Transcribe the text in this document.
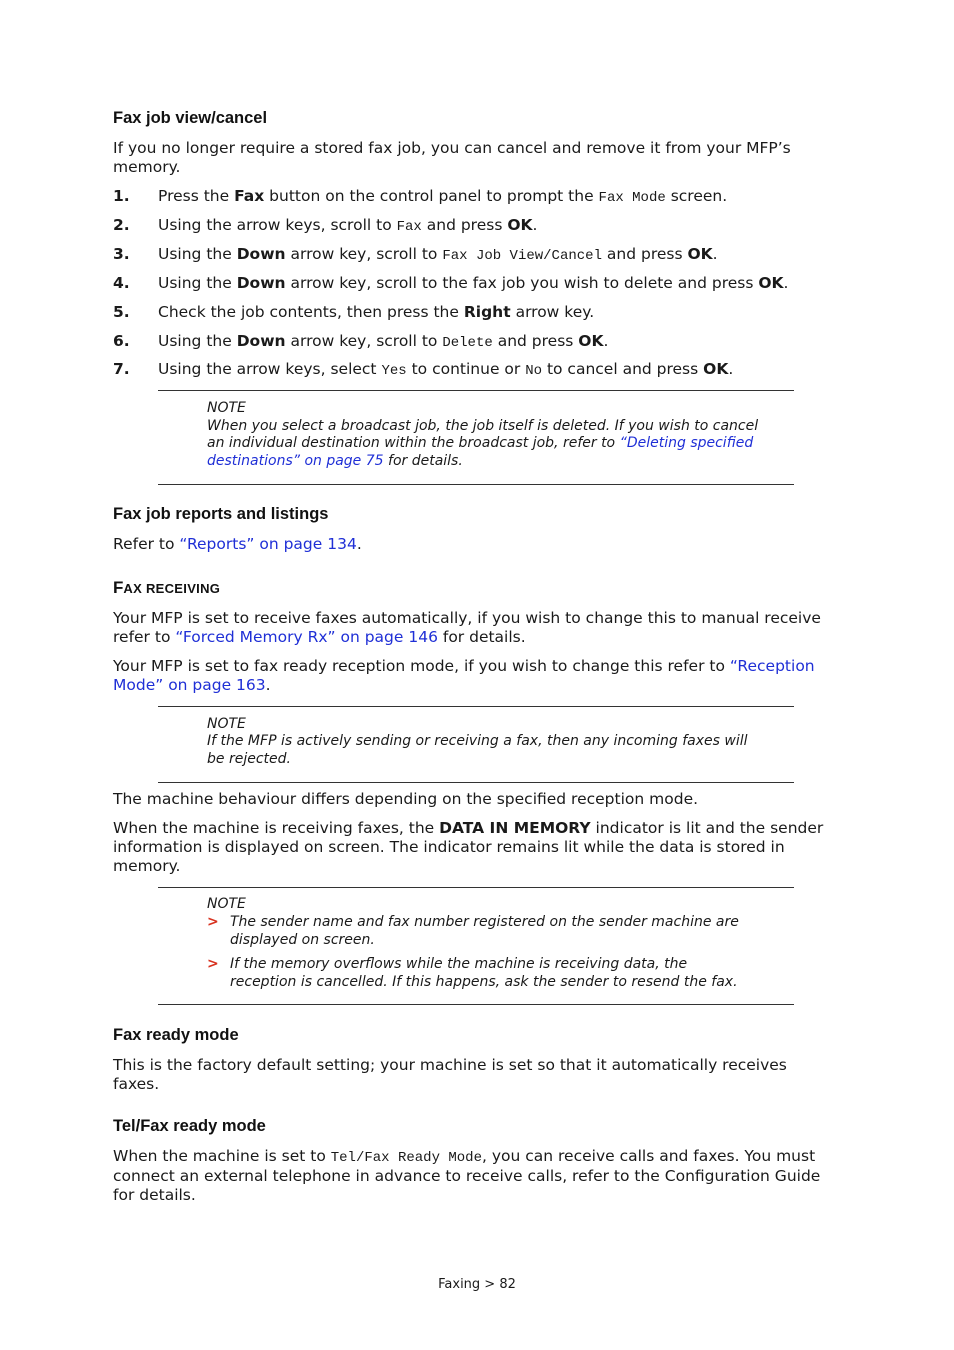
Fax job view/cancel
If you no longer require a stored fax job, you can cancel and remove it from your MFP’s memory.
1. Press the Fax button on the control panel to prompt the Fax Mode screen.
2. Using the arrow keys, scroll to Fax and press OK.
3. Using the Down arrow key, scroll to Fax Job View/Cancel and press OK.
4. Using the Down arrow key, scroll to the fax job you wish to delete and press OK.
5. Check the job contents, then press the Right arrow key.
6. Using the Down arrow key, scroll to Delete and press OK.
7. Using the arrow keys, select Yes to continue or No to cancel and press OK.
NOTE
When you select a broadcast job, the job itself is deleted. If you wish to cancel
an individual destination within the broadcast job, refer to “Deleting specified
destinations” on page 75 for details.
Fax job reports and listings
Refer to “Reports” on page 134.
FAX RECEIVING
Your MFP is set to receive faxes automatically, if you wish to change this to manual receive
refer to “Forced Memory Rx” on page 146 for details.
Your MFP is set to fax ready reception mode, if you wish to change this refer to “Reception
Mode” on page 163.
NOTE
If the MFP is actively sending or receiving a fax, then any incoming faxes will
be rejected.
The machine behaviour differs depending on the specified reception mode.
When the machine is receiving faxes, the DATA IN MEMORY indicator is lit and the sender
information is displayed on screen. The indicator remains lit while the data is stored in
memory.
NOTE
> The sender name and fax number registered on the sender machine are
displayed on screen.
> If the memory overflows while the machine is receiving data, the
reception is cancelled. If this happens, ask the sender to resend the fax.
Fax ready mode
This is the factory default setting; your machine is set so that it automatically receives
faxes.
Tel/Fax ready mode
When the machine is set to Tel/Fax Ready Mode, you can receive calls and faxes. You must
connect an external telephone in advance to receive calls, refer to the Configuration Guide
for details.
Faxing > 82
